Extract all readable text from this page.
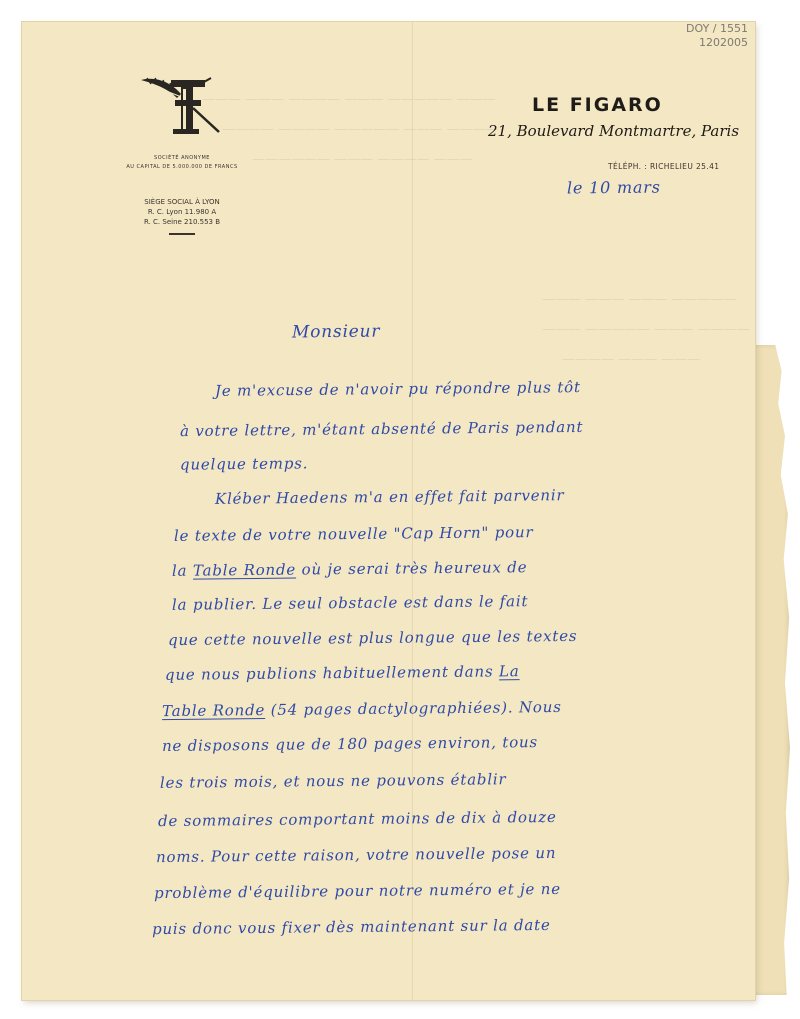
——— ————— ——— ———— ——— ———
———— ——— ————— ———— ————
——— ———— ——— ——————
————— ——— ——— ———
———— ——— ————— ———
——— ——— ————
SOCIÉTÉ ANONYME
AU CAPITAL DE 5.000.000 DE FRANCS
SIÈGE SOCIAL À LYON
R. C. Lyon 11.980 A
R. C. Seine 210.553 B
LE FIGARO
21, Boulevard Montmartre, Paris
TÉLÉPH. : RICHELIEU 25.41
le 10 mars
Monsieur
Je m'excuse de n'avoir pu répondre plus tôt
à votre lettre, m'étant absenté de Paris pendant
quelque temps.
Kléber Haedens m'a en effet fait parvenir
le texte de votre nouvelle "Cap Horn" pour
la Table Ronde où je serai très heureux de
la publier. Le seul obstacle est dans le fait
que cette nouvelle est plus longue que les textes
que nous publions habituellement dans La
Table Ronde (54 pages dactylographiées). Nous
ne disposons que de 180 pages environ, tous
les trois mois, et nous ne pouvons établir
de sommaires comportant moins de dix à douze
noms. Pour cette raison, votre nouvelle pose un
problème d'équilibre pour notre numéro et je ne
puis donc vous fixer dès maintenant sur la date
DOY / 1551
1202005
